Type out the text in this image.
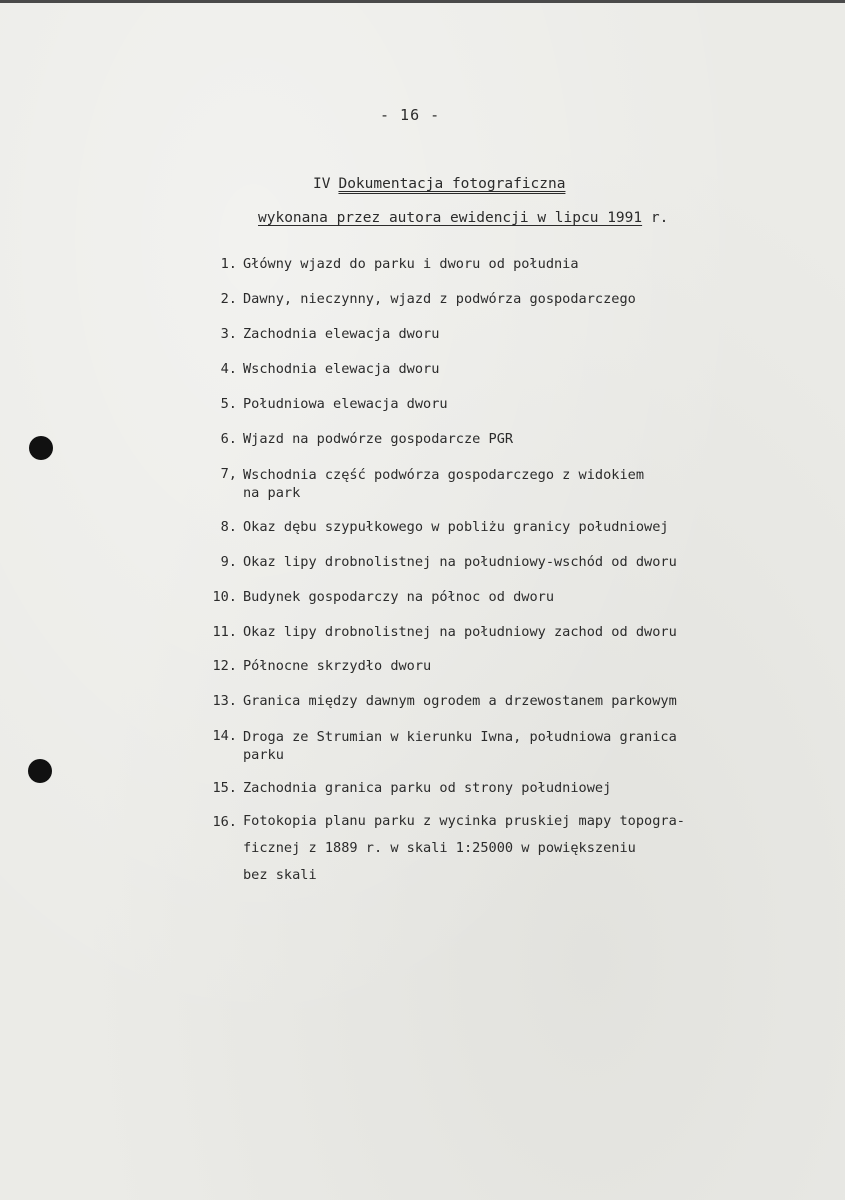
- 16 -
IV Dokumentacja fotograficzna
wykonana przez autora ewidencji w lipcu 1991 r.
1. Główny wjazd do parku i dworu od południa
2. Dawny, nieczynny, wjazd z podwórza gospodarczego
3. Zachodnia elewacja dworu
4. Wschodnia elewacja dworu
5. Południowa elewacja dworu
6. Wjazd na podwórze gospodarcze PGR
7, Wschodnia część podwórza gospodarczego z widokiem
na park
8. Okaz dębu szypułkowego w pobliżu granicy południowej
9. Okaz lipy drobnolistnej na południowy-wschód od dworu
10. Budynek gospodarczy na północ od dworu
11. Okaz lipy drobnolistnej na południowy zachod od dworu
12. Północne skrzydło dworu
13. Granica między dawnym ogrodem a drzewostanem parkowym
14. Droga ze Strumian w kierunku Iwna, południowa granica
parku
15. Zachodnia granica parku od strony południowej
16. Fotokopia planu parku z wycinka pruskiej mapy topogra-
ficznej z 1889 r. w skali 1:25000 w powiększeniu
bez skali
